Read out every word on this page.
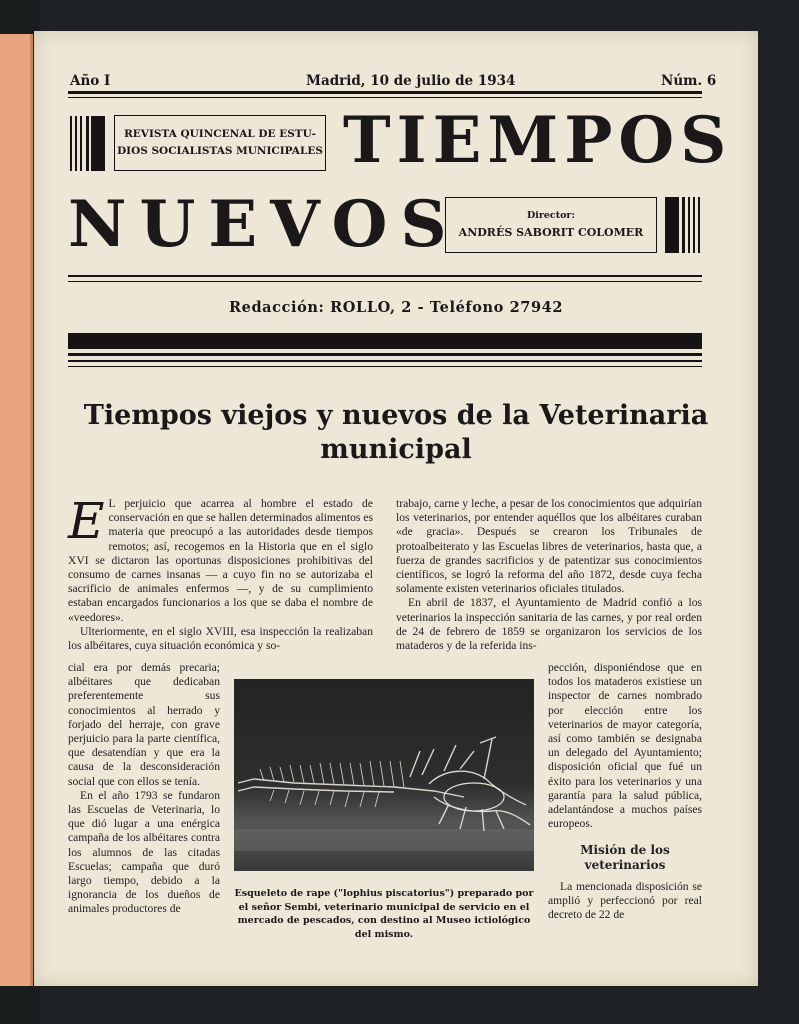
Año I	Madrid, 10 de julio de 1934	Núm. 6
REVISTA QUINCENAL DE ESTU-
DIOS SOCIALISTAS MUNICIPALES TIEMPOS
NUEVOS	Director:
ANDRÉS SABORIT COLOMER
Redacción: ROLLO, 2 - Teléfono 27942
Tiempos viejos y nuevos de la Veterinaria
municipal

E L perjuicio que acarrea al hombre el estado de conservación en que se hallen determinados alimentos es materia que preocupó a las autoridades desde tiempos remotos; así, recogemos en la Historia que en el siglo XVI se dictaron las oportunas disposiciones prohibitivas del consumo de carnes insanas — a cuyo fin no se autorizaba el sacrificio de animales enfermos —, y de su cumplimiento estaban encargados funcionarios a los que se daba el nombre de «veedores».

Ulteriormente, en el siglo XVIII, esa inspección la realizaban los albéitares, cuya situación económica y so-

cial era por demás precaria; albéitares que dedicaban preferentemente sus conocimientos al herrado y forjado del herraje, con grave perjuicio para la parte científica, que desatendían y que era la causa de la desconsideración social que con ellos se tenía.

En el año 1793 se fundaron las Escuelas de Veterinaria, lo que dió lugar a una enérgica campaña de los albéitares contra los alumnos de las citadas Escuelas; campaña que duró largo tiempo, debido a la ignorancia de los dueños de animales productores de

trabajo, carne y leche, a pesar de los conocimientos que adquirían los veterinarios, por entender aquéllos que los albéitares curaban «de gracia». Después se crearon los Tribunales de protoalbeiterato y las Escuelas libres de veterinarios, hasta que, a fuerza de grandes sacrificios y de patentizar sus conocimientos científicos, se logró la reforma del año 1872, desde cuya fecha solamente existen veterinarios oficiales titulados.

En abril de 1837, el Ayuntamiento de Madrid confió a los veterinarios la inspección sanitaria de las carnes, y por real orden de 24 de febrero de 1859 se organizaron los servicios de los mataderos y de la referida ins-

pección, disponiéndose que en todos los mataderos existiese un inspector de carnes nombrado por elección entre los veterinarios de mayor categoría, así como también se designaba un delegado del Ayuntamiento; disposición oficial que fué un éxito para los veterinarios y una garantía para la salud pública, adelantándose a muchos países europeos.

Misión de los veterinarios

La mencionada disposición se amplió y perfeccionó por real decreto de 22 de

Esqueleto de rape ("lophius piscatorius") preparado por el señor Sembi, veterinario municipal de servicio en el mercado de pescados, con destino al Museo ictiológico del mismo.
